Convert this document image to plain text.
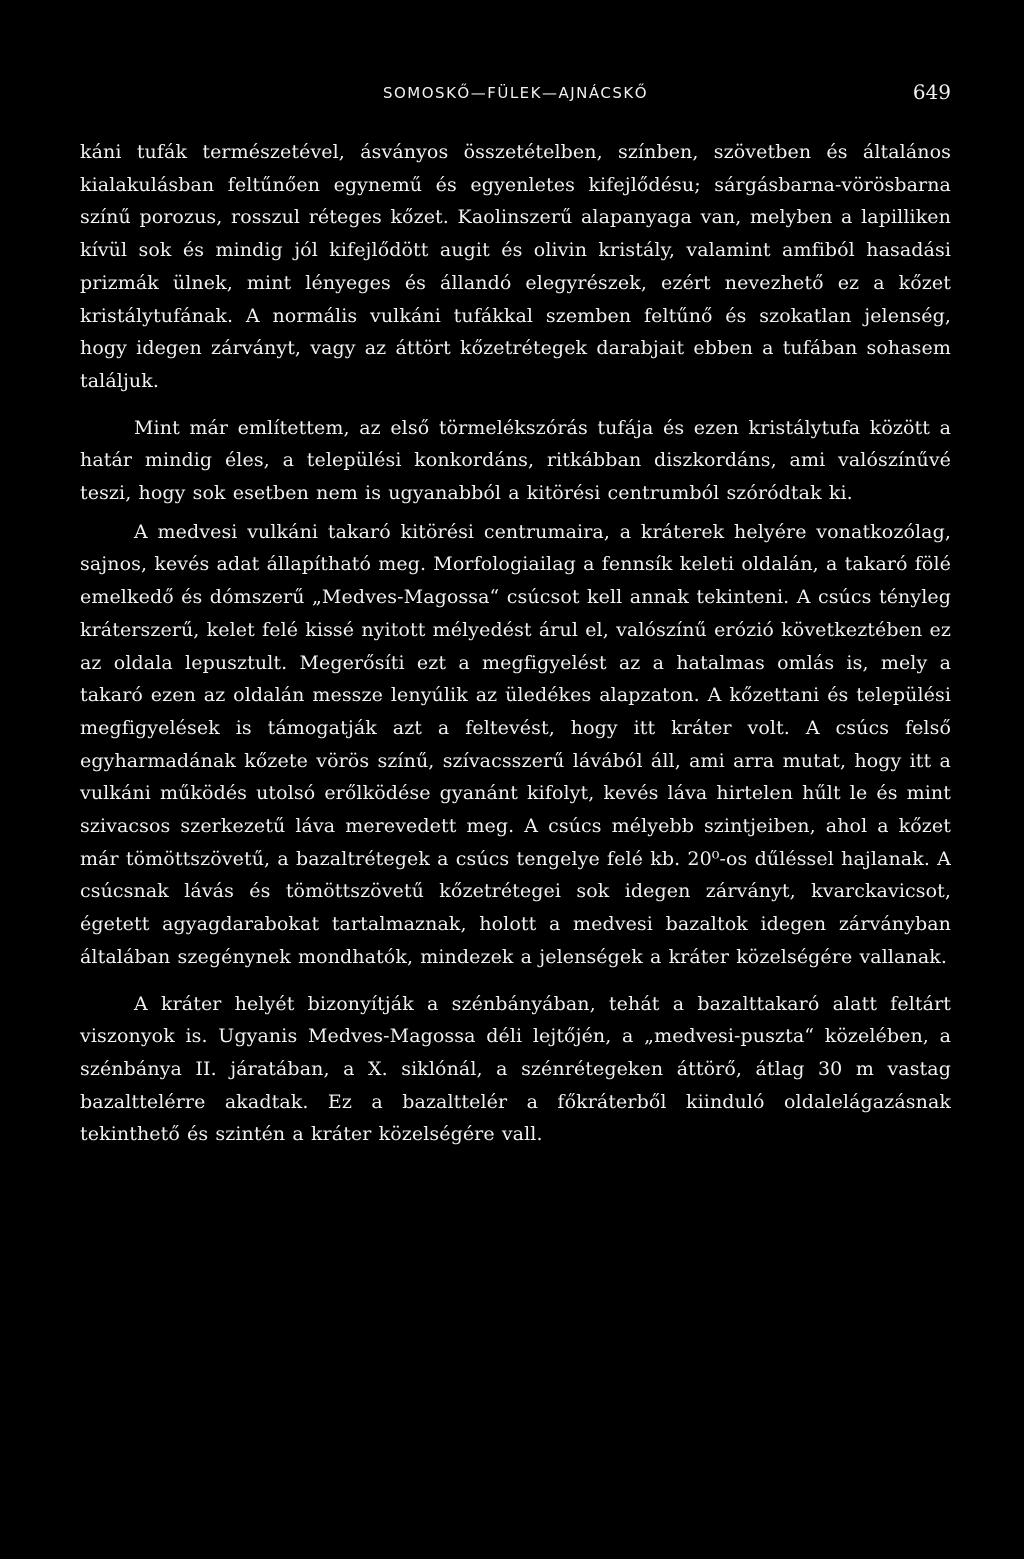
SOMOSKŐ—FÜLEK—AJNÁCSKŐ	649

káni tufák természetével, ásványos összetételben, színben, szövetben és általános kialakulásban feltűnően egynemű és egyenletes kifejlődésu; sárgásbarna-vörösbarna színű porozus, rosszul réteges kőzet. Kaolinszerű alapanyaga van, melyben a lapilliken kívül sok és mindig jól kifejlődött augit és olivin kristály, valamint amfiból hasadási prizmák ülnek, mint lényeges és állandó elegyrészek, ezért nevezhető ez a kőzet kristálytufának. A normális vulkáni tufákkal szemben feltűnő és szokatlan jelenség, hogy idegen zárványt, vagy az áttört kőzetrétegek darabjait ebben a tufában sohasem találjuk.

Mint már említettem, az első törmelékszórás tufája és ezen kristálytufa között a határ mindig éles, a települési konkordáns, ritkábban diszkordáns, ami valószínűvé teszi, hogy sok esetben nem is ugyanabból a kitörési centrumból szóródtak ki.

A medvesi vulkáni takaró kitörési centrumaira, a kráterek helyére vonatkozólag, sajnos, kevés adat állapítható meg. Morfologiailag a fennsík keleti oldalán, a takaró fölé emelkedő és dómszerű „Medves-Magossa“ csúcsot kell annak tekinteni. A csúcs tényleg kráterszerű, kelet felé kissé nyitott mélyedést árul el, valószínű erózió következtében ez az oldala lepusztult. Megerősíti ezt a megfigyelést az a hatalmas omlás is, mely a takaró ezen az oldalán messze lenyúlik az üledékes alapzaton. A kőzettani és települési megfigyelések is támogatják azt a feltevést, hogy itt kráter volt. A csúcs felső egyharmadának kőzete vörös színű, szívacsszerű lávából áll, ami arra mutat, hogy itt a vulkáni működés utolsó erőlködése gyanánt kifolyt, kevés láva hirtelen hűlt le és mint szivacsos szerkezetű láva merevedett meg. A csúcs mélyebb szintjeiben, ahol a kőzet már tömöttszövetű, a bazaltrétegek a csúcs tengelye felé kb. 20⁰-os dűléssel hajlanak. A csúcsnak lávás és tömöttszövetű kőzetrétegei sok idegen zárványt, kvarckavicsot, égetett agyagdarabokat tartalmaznak, holott a medvesi bazaltok idegen zárványban általában szegénynek mondhatók, mindezek a jelenségek a kráter közelségére vallanak.

A kráter helyét bizonyítják a szénbányában, tehát a bazalttakaró alatt feltárt viszonyok is. Ugyanis Medves-Magossa déli lejtőjén, a „medvesi-puszta“ közelében, a szénbánya II. járatában, a X. siklónál, a szénrétegeken áttörő, átlag 30 m vastag bazalttelérre akadtak. Ez a bazalttelér a főkráterből kiinduló oldalelágazásnak tekinthető és szintén a kráter közelségére vall.
